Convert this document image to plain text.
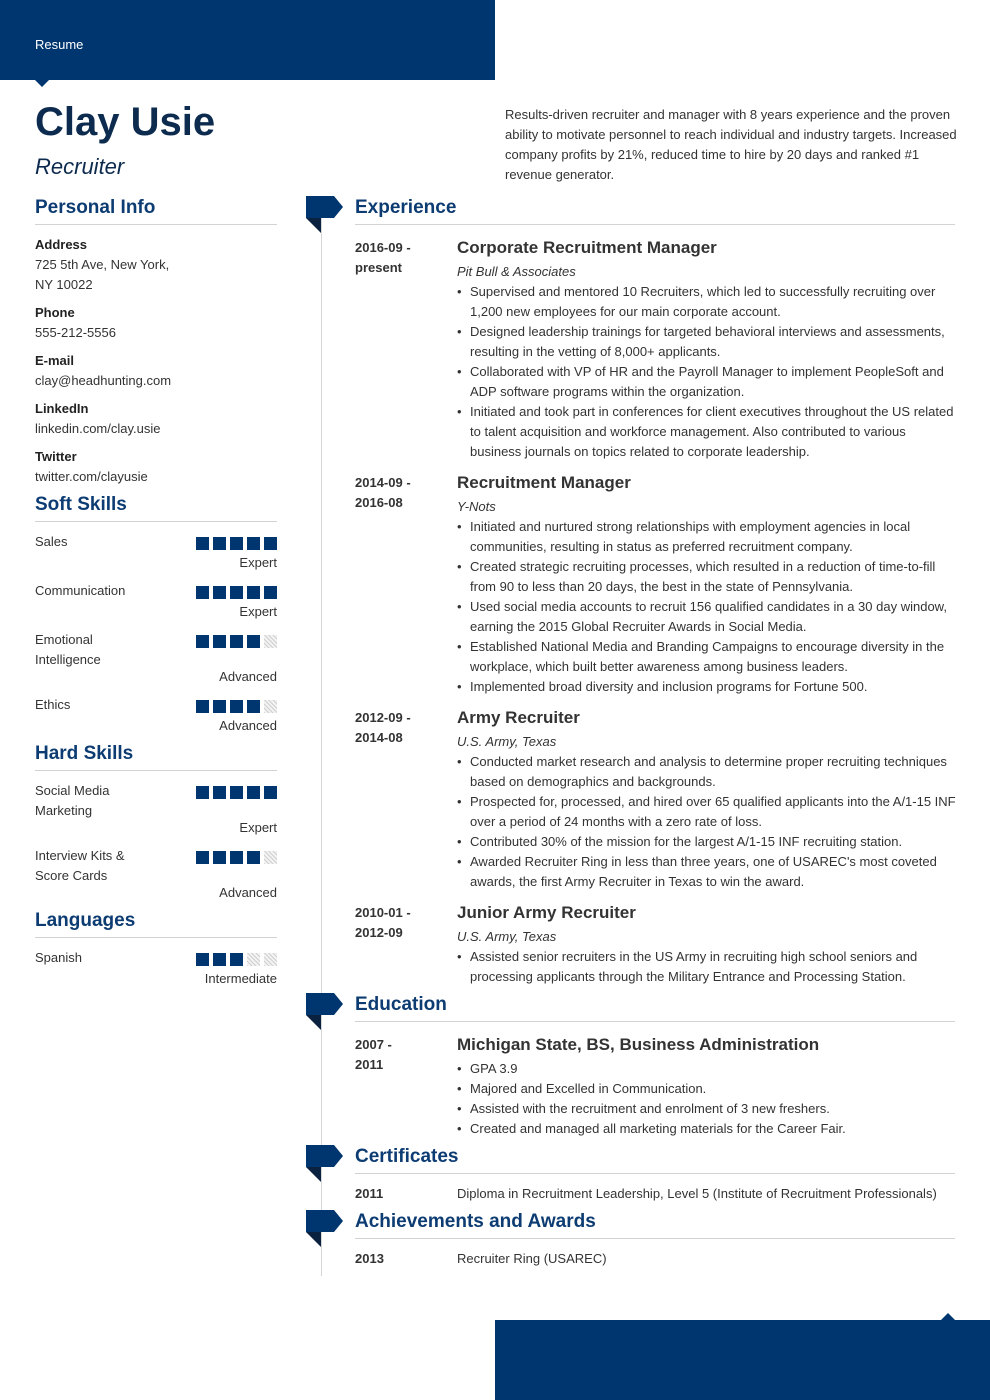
Resume
Clay Usie
Recruiter

Results-driven recruiter and manager with 8 years experience and the proven ability to motivate personnel to reach individual and industry targets. Increased company profits by 21%, reduced time to hire by 20 days and ranked #1 revenue generator.

Personal Info
Address
725 5th Ave, New York, NY 10022
Phone
555-212-5556
E-mail
clay@headhunting.com
LinkedIn
linkedin.com/clay.usie
Twitter
twitter.com/clayusie
Soft Skills
Sales
Expert
Communication
Expert
Emotional Intelligence
Advanced
Ethics
Advanced
Hard Skills
Social Media Marketing
Expert
Interview Kits & Score Cards
Advanced
Languages
Spanish
Intermediate
Experience
2016-09 -
present
Corporate Recruitment Manager
Pit Bull & Associates
• Supervised and mentored 10 Recruiters, which led to successfully recruiting over 1,200 new employees for our main corporate account.
• Designed leadership trainings for targeted behavioral interviews and assessments, resulting in the vetting of 8,000+ applicants.
• Collaborated with VP of HR and the Payroll Manager to implement PeopleSoft and ADP software programs within the organization.
• Initiated and took part in conferences for client executives throughout the US related to talent acquisition and workforce management. Also contributed to various business journals on topics related to corporate leadership.
2014-09 -
2016-08
Recruitment Manager
Y-Nots
• Initiated and nurtured strong relationships with employment agencies in local communities, resulting in status as preferred recruitment company.
• Created strategic recruiting processes, which resulted in a reduction of time-to-fill from 90 to less than 20 days, the best in the state of Pennsylvania.
• Used social media accounts to recruit 156 qualified candidates in a 30 day window, earning the 2015 Global Recruiter Awards in Social Media.
• Established National Media and Branding Campaigns to encourage diversity in the workplace, which built better awareness among business leaders.
• Implemented broad diversity and inclusion programs for Fortune 500.
2012-09 -
2014-08
Army Recruiter
U.S. Army, Texas
• Conducted market research and analysis to determine proper recruiting techniques based on demographics and backgrounds.
• Prospected for, processed, and hired over 65 qualified applicants into the A/1-15 INF over a period of 24 months with a zero rate of loss.
• Contributed 30% of the mission for the largest A/1-15 INF recruiting station.
• Awarded Recruiter Ring in less than three years, one of USAREC's most coveted awards, the first Army Recruiter in Texas to win the award.
2010-01 -
2012-09
Junior Army Recruiter
U.S. Army, Texas
• Assisted senior recruiters in the US Army in recruiting high school seniors and processing applicants through the Military Entrance and Processing Station.
Education
2007 -
2011
Michigan State, BS, Business Administration
• GPA 3.9
• Majored and Excelled in Communication.
• Assisted with the recruitment and enrolment of 3 new freshers.
• Created and managed all marketing materials for the Career Fair.
Certificates
2011	Diploma in Recruitment Leadership, Level 5 (Institute of Recruitment Professionals)
Achievements and Awards
2013	Recruiter Ring (USAREC)
